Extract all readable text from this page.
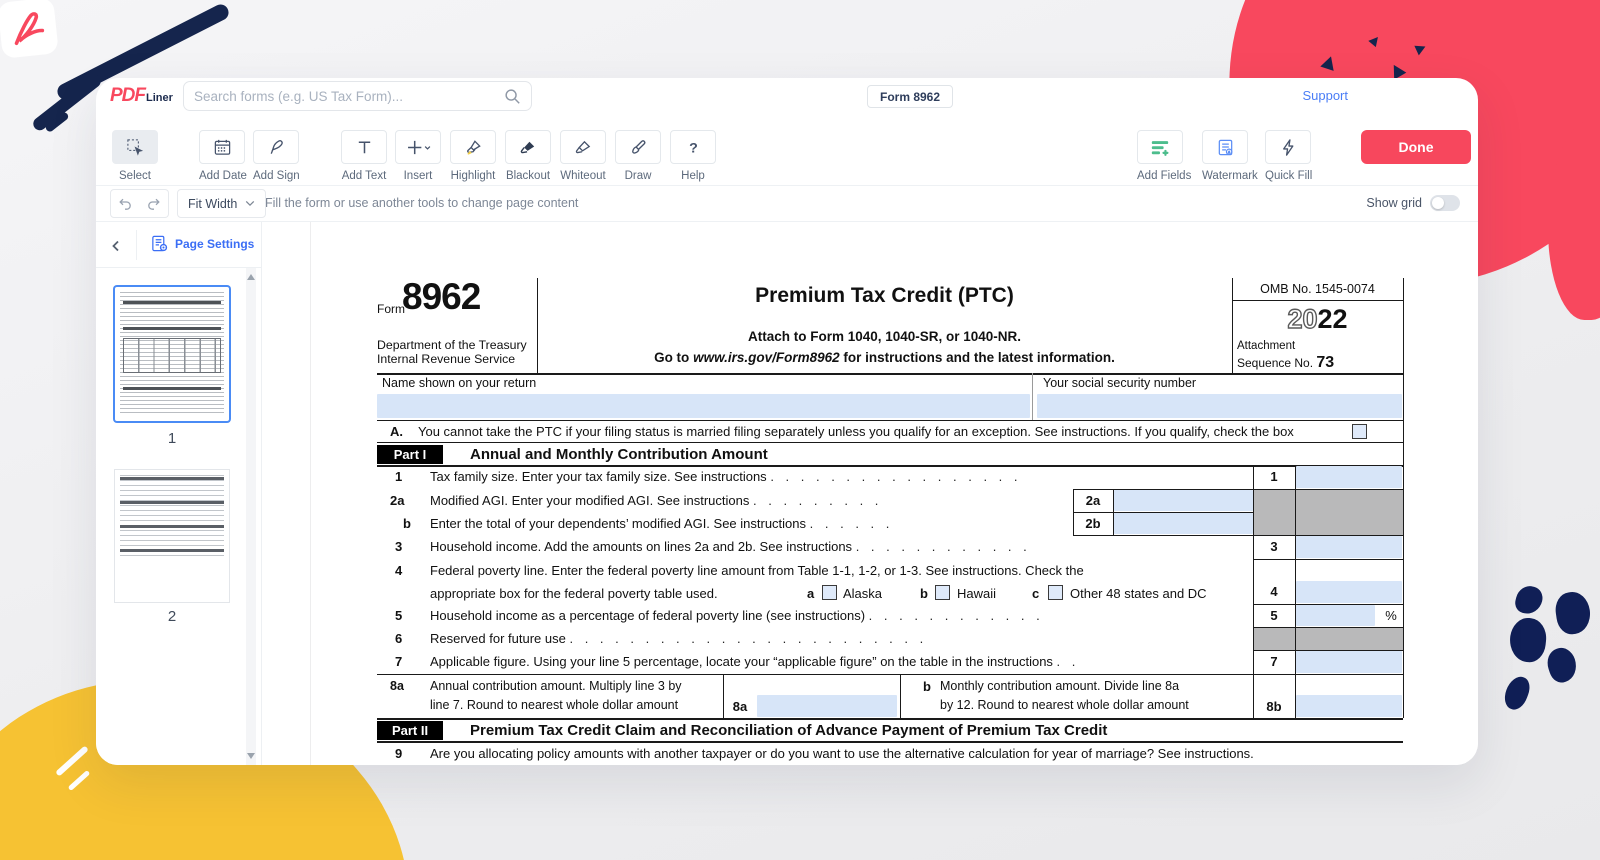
PDF Liner
Search forms (e.g. US Tax Form)...	Form 8962	Support
Select	Add Date Add Sign	Add Text	Insert	Highlight Blackout Whiteout	Draw
?
Help	Add Fields Watermark Quick Fill
Done
Fit Width Fill the form or use another tools to change page content	Show grid
Form
8962
Department of the Treasury
Internal Revenue Service
Premium Tax Credit (PTC)
Attach to Form 1040, 1040-SR, or 1040-NR.
Go to www.irs.gov/Form8962 for instructions and the latest information.
OMB No. 1545-0074
2022
Attachment
Sequence No. 73
Name shown on your return	Your social security number
A. You cannot take the PTC if your filing status is married filing separately unless you qualify for an exception. See instructions. If you qualify, check the box
Part I	Annual and Monthly Contribution Amount
1 Tax family size. Enter your tax family size. See instructions . . . . . . . . . . . . . . . . .	1
2a Modified AGI. Enter your modified AGI. See instructions . . . . . . . . .	2a
b Enter the total of your dependents’ modified AGI. See instructions . . . . . .	2b
3 Household income. Add the amounts on lines 2a and 2b. See instructions . . . . . . . . . . . .	3
4 Federal poverty line. Enter the federal poverty line amount from Table 1-1, 1-2, or 1-3. See instructions. Check the
appropriate box for the federal poverty table used.	a Alaska	b Hawaii	c Other 48 states and DC	4
5 Household income as a percentage of federal poverty line (see instructions) . . . . . . . . . . . .	5	%
6 Reserved for future use . . . . . . . . . . . . . . . . . . . . . . . .
7 Applicable figure. Using your line 5 percentage, locate your “applicable figure” on the table in the instructions . .	7
8a Annual contribution amount. Multiply line 3 by
line 7. Round to nearest whole dollar amount	8a
b Monthly contribution amount. Divide line 8a
by 12. Round to nearest whole dollar amount	8b
Part II	Premium Tax Credit Claim and Reconciliation of Advance Payment of Premium Tax Credit
9 Are you allocating policy amounts with another taxpayer or do you want to use the alternative calculation for year of marriage? See instructions.
Page Settings
1
2
